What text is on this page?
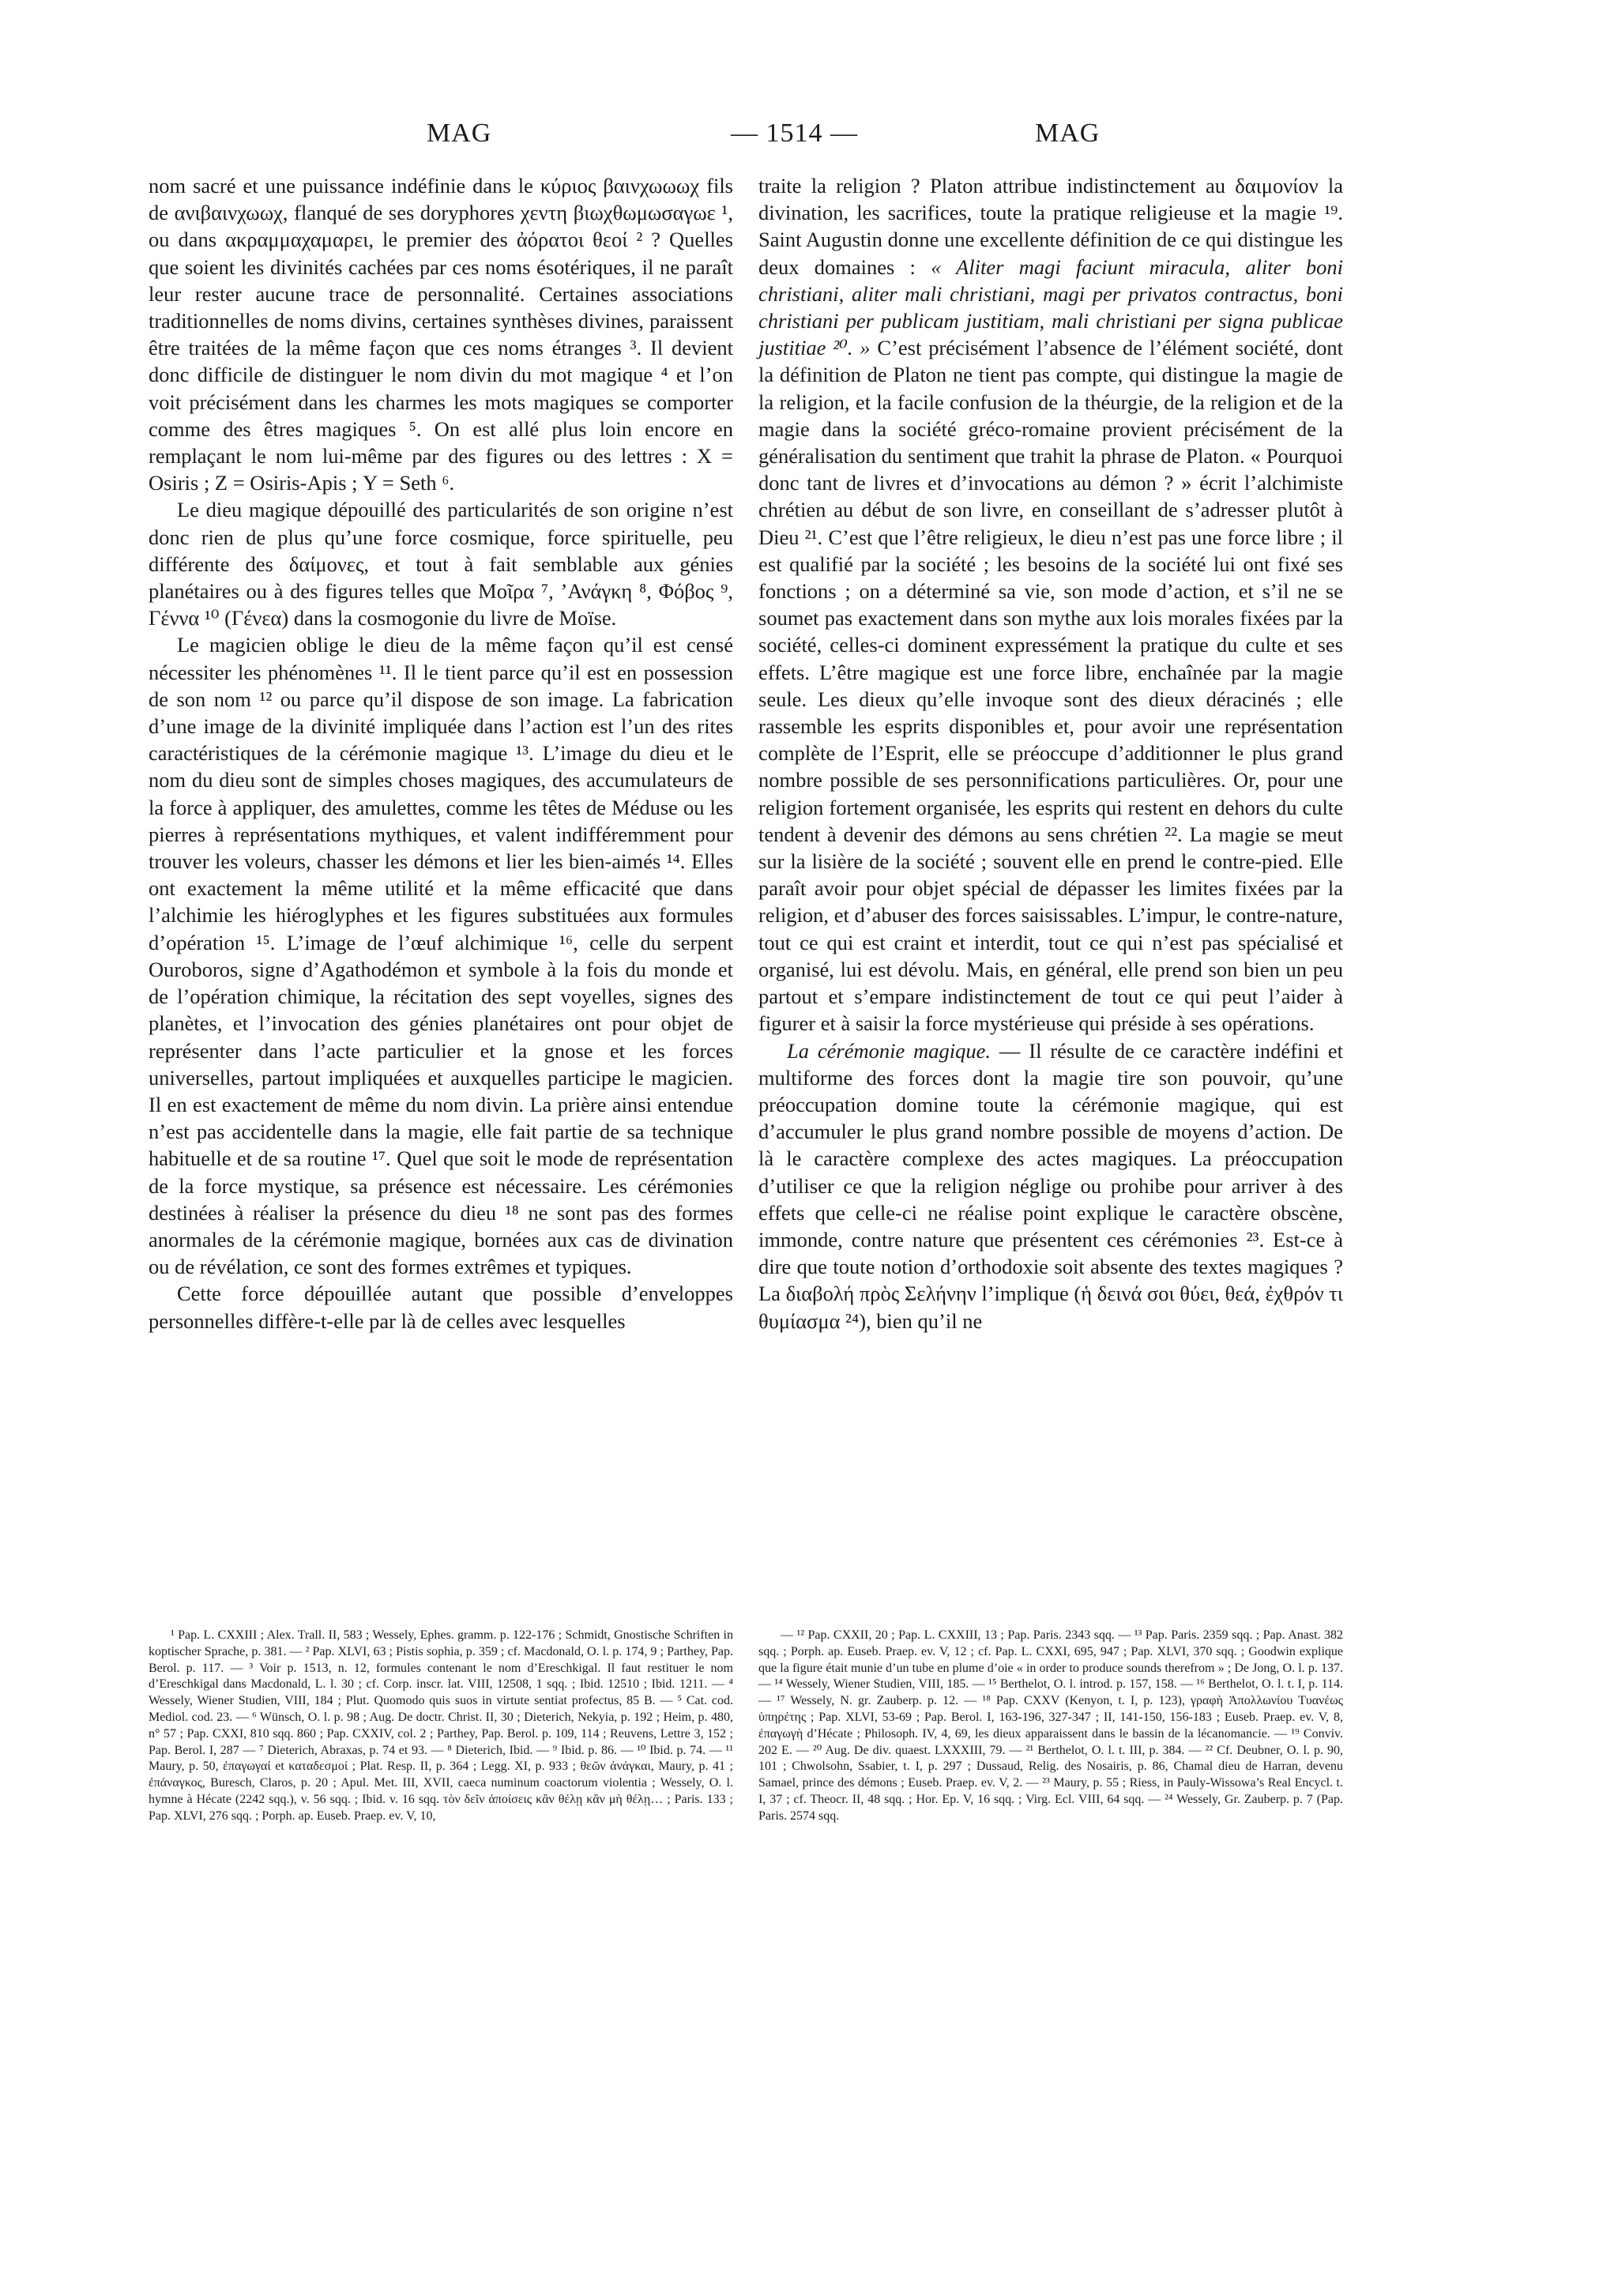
MAG	— 1514 —	MAG

nom sacré et une puissance indéfinie dans le κύριος βαινχωωωχ fils de ανιβαινχωωχ, flanqué de ses doryphores χεντη βιωχθωμωσαγωε ¹, ou dans ακραμμαχαμαρει, le premier des ἀόρατοι θεοί ² ? Quelles que soient les divinités cachées par ces noms ésotériques, il ne paraît leur rester aucune trace de personnalité. Certaines associations traditionnelles de noms divins, certaines synthèses divines, paraissent être traitées de la même façon que ces noms étranges ³. Il devient donc difficile de distinguer le nom divin du mot magique ⁴ et l’on voit précisément dans les charmes les mots magiques se comporter comme des êtres magiques ⁵. On est allé plus loin encore en remplaçant le nom lui-même par des figures ou des lettres : X = Osiris ; Z = Osiris-Apis ; Υ = Seth ⁶.

Le dieu magique dépouillé des particularités de son origine n’est donc rien de plus qu’une force cosmique, force spirituelle, peu différente des δαίμονες, et tout à fait semblable aux génies planétaires ou à des figures telles que Μοῖρα ⁷, ’Ανάγκη ⁸, Φόβος ⁹, Γέννα ¹⁰ (Γένεα) dans la cosmogonie du livre de Moïse.

Le magicien oblige le dieu de la même façon qu’il est censé nécessiter les phénomènes ¹¹. Il le tient parce qu’il est en possession de son nom ¹² ou parce qu’il dispose de son image. La fabrication d’une image de la divinité impliquée dans l’action est l’un des rites caractéristiques de la cérémonie magique ¹³. L’image du dieu et le nom du dieu sont de simples choses magiques, des accumulateurs de la force à appliquer, des amulettes, comme les têtes de Méduse ou les pierres à représentations mythiques, et valent indifféremment pour trouver les voleurs, chasser les démons et lier les bien-aimés ¹⁴. Elles ont exactement la même utilité et la même efficacité que dans l’alchimie les hiéroglyphes et les figures substituées aux formules d’opération ¹⁵. L’image de l’œuf alchimique ¹⁶, celle du serpent Ouroboros, signe d’Agathodémon et symbole à la fois du monde et de l’opération chimique, la récitation des sept voyelles, signes des planètes, et l’invocation des génies planétaires ont pour objet de représenter dans l’acte particulier et la gnose et les forces universelles, partout impliquées et auxquelles participe le magicien. Il en est exactement de même du nom divin. La prière ainsi entendue n’est pas accidentelle dans la magie, elle fait partie de sa technique habituelle et de sa routine ¹⁷. Quel que soit le mode de représentation de la force mystique, sa présence est nécessaire. Les cérémonies destinées à réaliser la présence du dieu ¹⁸ ne sont pas des formes anormales de la cérémonie magique, bornées aux cas de divination ou de révélation, ce sont des formes extrêmes et typiques.

Cette force dépouillée autant que possible d’enveloppes personnelles diffère-t-elle par là de celles avec lesquelles

traite la religion ? Platon attribue indistinctement au δαιμονίον la divination, les sacrifices, toute la pratique religieuse et la magie ¹⁹. Saint Augustin donne une excellente définition de ce qui distingue les deux domaines : « Aliter magi faciunt miracula, aliter boni christiani, aliter mali christiani, magi per privatos contractus, boni christiani per publicam justitiam, mali christiani per signa publicae justitiae ²⁰. » C’est précisément l’absence de l’élément société, dont la définition de Platon ne tient pas compte, qui distingue la magie de la religion, et la facile confusion de la théurgie, de la religion et de la magie dans la société gréco-romaine provient précisément de la généralisation du sentiment que trahit la phrase de Platon. « Pourquoi donc tant de livres et d’invocations au démon ? » écrit l’alchimiste chrétien au début de son livre, en conseillant de s’adresser plutôt à Dieu ²¹. C’est que l’être religieux, le dieu n’est pas une force libre ; il est qualifié par la société ; les besoins de la société lui ont fixé ses fonctions ; on a déterminé sa vie, son mode d’action, et s’il ne se soumet pas exactement dans son mythe aux lois morales fixées par la société, celles-ci dominent expressément la pratique du culte et ses effets. L’être magique est une force libre, enchaînée par la magie seule. Les dieux qu’elle invoque sont des dieux déracinés ; elle rassemble les esprits disponibles et, pour avoir une représentation complète de l’Esprit, elle se préoccupe d’additionner le plus grand nombre possible de ses personnifications particulières. Or, pour une religion fortement organisée, les esprits qui restent en dehors du culte tendent à devenir des démons au sens chrétien ²². La magie se meut sur la lisière de la société ; souvent elle en prend le contre-pied. Elle paraît avoir pour objet spécial de dépasser les limites fixées par la religion, et d’abuser des forces saisissables. L’impur, le contre-nature, tout ce qui est craint et interdit, tout ce qui n’est pas spécialisé et organisé, lui est dévolu. Mais, en général, elle prend son bien un peu partout et s’empare indistinctement de tout ce qui peut l’aider à figurer et à saisir la force mystérieuse qui préside à ses opérations.

La cérémonie magique. — Il résulte de ce caractère indéfini et multiforme des forces dont la magie tire son pouvoir, qu’une préoccupation domine toute la cérémonie magique, qui est d’accumuler le plus grand nombre possible de moyens d’action. De là le caractère complexe des actes magiques. La préoccupation d’utiliser ce que la religion néglige ou prohibe pour arriver à des effets que celle-ci ne réalise point explique le caractère obscène, immonde, contre nature que présentent ces cérémonies ²³. Est-ce à dire que toute notion d’orthodoxie soit absente des textes magiques ? La διαβολή πρὸς Σελήνην l’implique (ἡ δεινά σοι θύει, θεά, ἐχθρόν τι θυμίασμα ²⁴), bien qu’il ne

¹ Pap. L. CXXIII ; Alex. Trall. II, 583 ; Wessely, Ephes. gramm. p. 122-176 ; Schmidt, Gnostische Schriften in koptischer Sprache, p. 381. — ² Pap. XLVI, 63 ; Pistis sophia, p. 359 ; cf. Macdonald, O. l. p. 174, 9 ; Parthey, Pap. Berol. p. 117. — ³ Voir p. 1513, n. 12, formules contenant le nom d’Ereschkigal. Il faut restituer le nom d’Ereschkigal dans Macdonald, L. l. 30 ; cf. Corp. inscr. lat. VIII, 12508, 1 sqq. ; Ibid. 12510 ; Ibid. 1211. — ⁴ Wessely, Wiener Studien, VIII, 184 ; Plut. Quomodo quis suos in virtute sentiat profectus, 85 B. — ⁵ Cat. cod. Mediol. cod. 23. — ⁶ Wünsch, O. l. p. 98 ; Aug. De doctr. Christ. II, 30 ; Dieterich, Nekyia, p. 192 ; Heim, p. 480, n° 57 ; Pap. CXXI, 810 sqq. 860 ; Pap. CXXIV, col. 2 ; Parthey, Pap. Berol. p. 109, 114 ; Reuvens, Lettre 3, 152 ; Pap. Berol. I, 287 — ⁷ Dieterich, Abraxas, p. 74 et 93. — ⁸ Dieterich, Ibid. — ⁹ Ibid. p. 86. — ¹⁰ Ibid. p. 74. — ¹¹ Maury, p. 50, ἐπαγωγαί et καταδεσμοί ; Plat. Resp. II, p. 364 ; Legg. XI, p. 933 ; θεῶν ἀνάγκαι, Maury, p. 41 ; ἐπάναγκος, Buresch, Claros, p. 20 ; Apul. Met. III, XVII, caeca numinum coactorum violentia ; Wessely, O. l. hymne à Hécate (2242 sqq.), v. 56 sqq. ; Ibid. v. 16 sqq. τὸν δεῖν ἀποίσεις κἂν θέλῃ κἂν μὴ θέλῃ… ; Paris. 133 ; Pap. XLVI, 276 sqq. ; Porph. ap. Euseb. Praep. ev. V, 10,

— ¹² Pap. CXXII, 20 ; Pap. L. CXXIII, 13 ; Pap. Paris. 2343 sqq. — ¹³ Pap. Paris. 2359 sqq. ; Pap. Anast. 382 sqq. ; Porph. ap. Euseb. Praep. ev. V, 12 ; cf. Pap. L. CXXI, 695, 947 ; Pap. XLVI, 370 sqq. ; Goodwin explique que la figure était munie d’un tube en plume d’oie « in order to produce sounds therefrom » ; De Jong, O. l. p. 137. — ¹⁴ Wessely, Wiener Studien, VIII, 185. — ¹⁵ Berthelot, O. l. introd. p. 157, 158. — ¹⁶ Berthelot, O. l. t. I, p. 114. — ¹⁷ Wessely, N. gr. Zauberp. p. 12. — ¹⁸ Pap. CXXV (Kenyon, t. I, p. 123), γραφὴ Ἀπολλωνίου Τυανέως ὑπηρέτης ; Pap. XLVI, 53-69 ; Pap. Berol. I, 163-196, 327-347 ; II, 141-150, 156-183 ; Euseb. Praep. ev. V, 8, ἐπαγωγὴ d’Hécate ; Philosoph. IV, 4, 69, les dieux apparaissent dans le bassin de la lécanomancie. — ¹⁹ Conviv. 202 E. — ²⁰ Aug. De div. quaest. LXXXIII, 79. — ²¹ Berthelot, O. l. t. III, p. 384. — ²² Cf. Deubner, O. l. p. 90, 101 ; Chwolsohn, Ssabier, t. I, p. 297 ; Dussaud, Relig. des Nosairis, p. 86, Chamal dieu de Harran, devenu Samael, prince des démons ; Euseb. Praep. ev. V, 2. — ²³ Maury, p. 55 ; Riess, in Pauly-Wissowa’s Real Encycl. t. I, 37 ; cf. Theocr. II, 48 sqq. ; Hor. Ep. V, 16 sqq. ; Virg. Ecl. VIII, 64 sqq. — ²⁴ Wessely, Gr. Zauberp. p. 7 (Pap. Paris. 2574 sqq.
